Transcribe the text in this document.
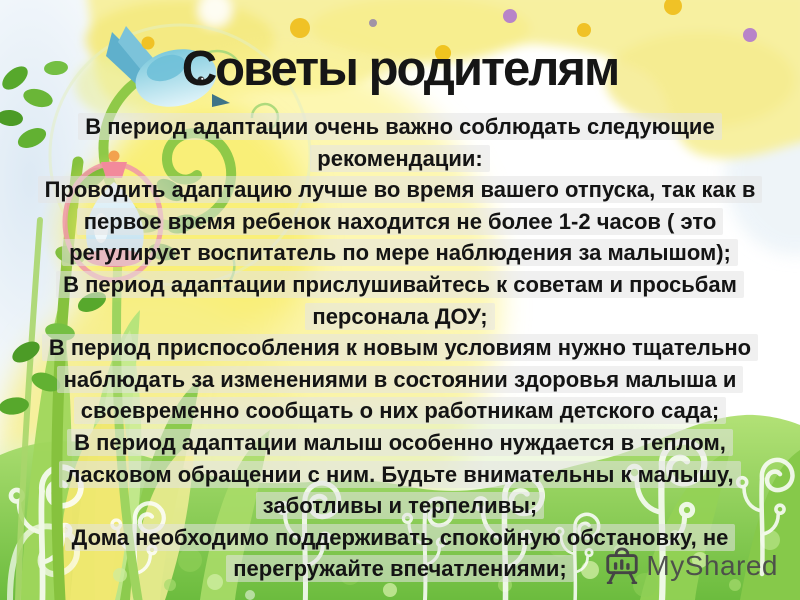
Советы родителям
В период адаптации очень важно соблюдать следующие
рекомендации:
Проводить адаптацию лучше во время вашего отпуска, так как в
первое время ребенок находится не более 1-2 часов ( это
регулирует воспитатель по мере наблюдения за малышом);
В период адаптации прислушивайтесь к советам и просьбам
персонала ДОУ;
В период приспособления к новым условиям нужно тщательно
наблюдать за изменениями в состоянии здоровья малыша и
своевременно сообщать о них работникам детского сада;
В период адаптации малыш особенно нуждается в теплом,
ласковом обращении с ним. Будьте внимательны к малышу,
заботливы и терпеливы;
Дома необходимо поддерживать спокойную обстановку, не
перегружайте впечатлениями;	MyShared
